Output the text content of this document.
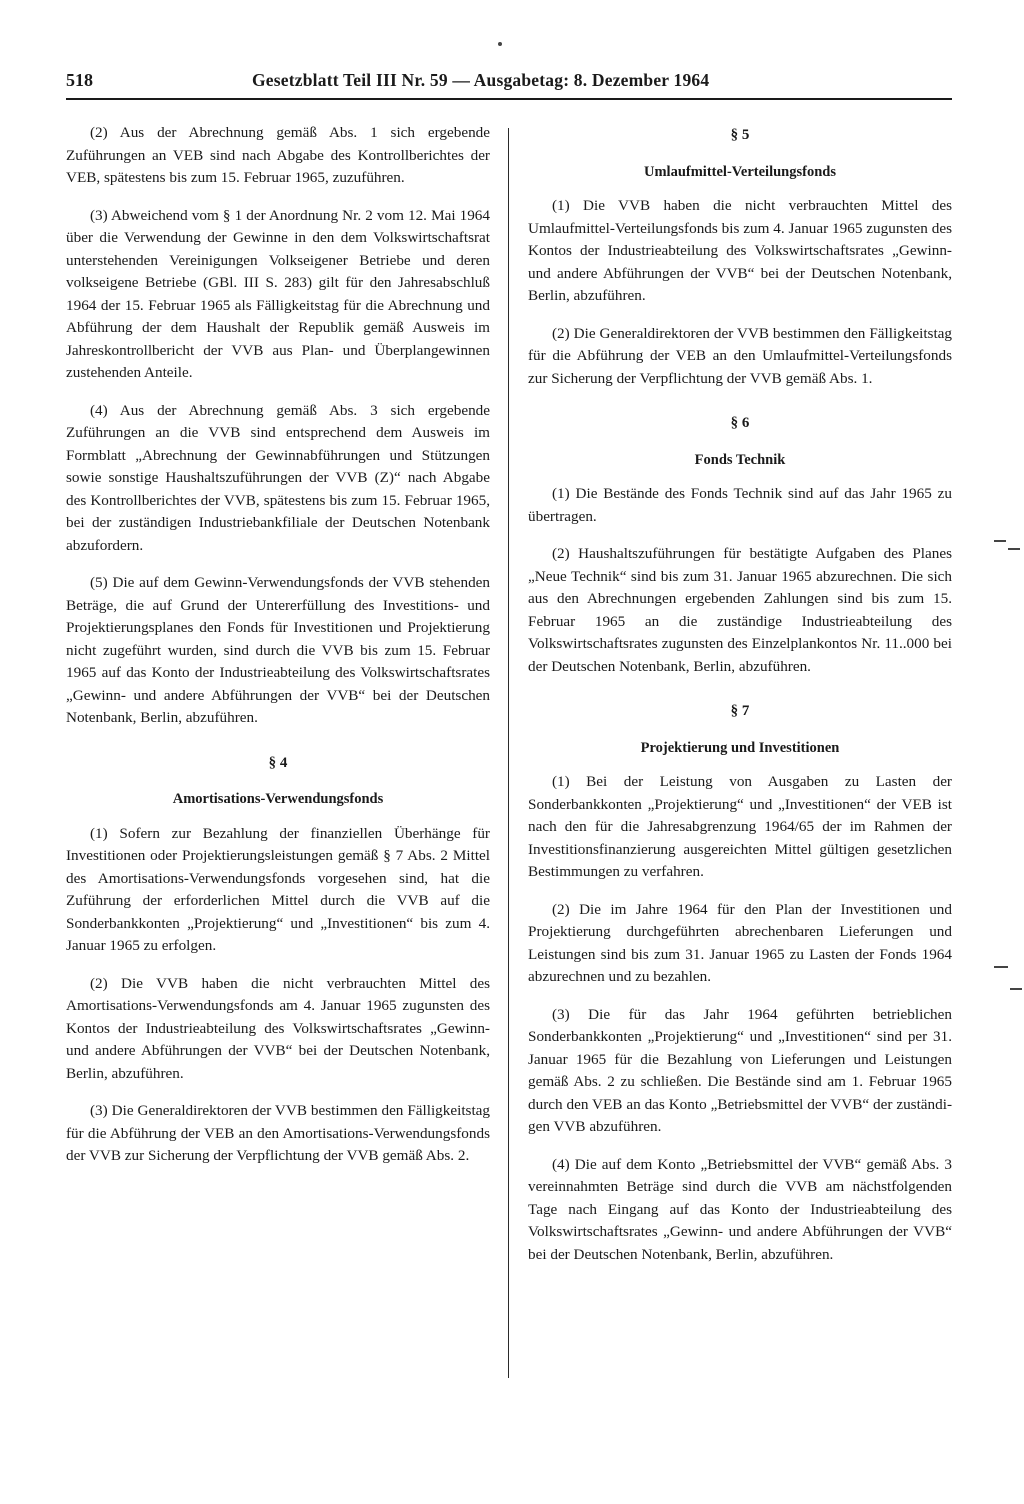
518	Gesetzblatt Teil III Nr. 59 — Ausgabetag: 8. Dezember 1964

(2) Aus der Abrechnung gemäß Abs. 1 sich ergebende Zuführungen an VEB sind nach Abgabe des Kontrollberichtes der VEB, spätestens bis zum 15. Februar 1965, zuzuführen.

(3) Abweichend vom § 1 der Anordnung Nr. 2 vom 12. Mai 1964 über die Verwendung der Gewinne in den dem Volkswirtschaftsrat unterstehenden Vereinigungen Volkseigener Betriebe und deren volkseigene Betriebe (GBl. III S. 283) gilt für den Jahresabschluß 1964 der 15. Februar 1965 als Fälligkeitstag für die Abrechnung und Abführung der dem Haushalt der Republik gemäß Ausweis im Jahreskontrollbericht der VVB aus Plan- und Überplangewinnen zustehenden Anteile.

(4) Aus der Abrechnung gemäß Abs. 3 sich ergebende Zuführungen an die VVB sind entsprechend dem Ausweis im Formblatt „Abrechnung der Gewinnabführungen und Stützungen sowie sonstige Haushaltszuführungen der VVB (Z)“ nach Abgabe des Kontrollberichtes der VVB, spätestens bis zum 15. Februar 1965, bei der zuständigen Industriebankfiliale der Deutschen Notenbank abzufordern.

(5) Die auf dem Gewinn-Verwendungsfonds der VVB stehenden Beträge, die auf Grund der Untererfüllung des Investitions- und Projektierungsplanes den Fonds für Investitionen und Projektierung nicht zugeführt wurden, sind durch die VVB bis zum 15. Februar 1965 auf das Konto der Industrieabteilung des Volkswirtschaftsrates „Gewinn- und andere Abführungen der VVB“ bei der Deutschen Notenbank, Berlin, abzuführen.

§ 4
Amortisations-Verwendungsfonds

(1) Sofern zur Bezahlung der finanziellen Überhänge für Investitionen oder Projektierungsleistungen gemäß § 7 Abs. 2 Mittel des Amortisations-Verwendungsfonds vorgesehen sind, hat die Zuführung der erforderlichen Mittel durch die VVB auf die Sonderbankkonten „Projektierung“ und „Investitionen“ bis zum 4. Januar 1965 zu erfolgen.

(2) Die VVB haben die nicht verbrauchten Mittel des Amortisations-Verwendungsfonds am 4. Januar 1965 zugunsten des Kontos der Industrieabteilung des Volkswirtschaftsrates „Gewinn- und andere Abführungen der VVB“ bei der Deutschen Notenbank, Berlin, abzuführen.

(3) Die Generaldirektoren der VVB bestimmen den Fälligkeitstag für die Abführung der VEB an den Amortisations-Verwendungsfonds der VVB zur Sicherung der Verpflichtung der VVB gemäß Abs. 2.

§ 5
Umlaufmittel-Verteilungsfonds

(1) Die VVB haben die nicht verbrauchten Mittel des Umlaufmittel-Verteilungsfonds bis zum 4. Januar 1965 zugunsten des Kontos der Industrieabteilung des Volkswirtschaftsrates „Gewinn- und andere Abführungen der VVB“ bei der Deutschen Notenbank, Berlin, abzuführen.

(2) Die Generaldirektoren der VVB bestimmen den Fälligkeitstag für die Abführung der VEB an den Umlaufmittel-Verteilungsfonds zur Sicherung der Verpflichtung der VVB gemäß Abs. 1.

§ 6
Fonds Technik

(1) Die Bestände des Fonds Technik sind auf das Jahr 1965 zu übertragen.

(2) Haushaltszuführungen für bestätigte Aufgaben des Planes „Neue Technik“ sind bis zum 31. Januar 1965 abzurechnen. Die sich aus den Abrechnungen ergebenden Zahlungen sind bis zum 15. Februar 1965 an die zuständige Industrieabteilung des Volkswirtschaftsrates zugunsten des Einzelplankontos Nr. 11..000 bei der Deutschen Notenbank, Berlin, abzuführen.

§ 7
Projektierung und Investitionen

(1) Bei der Leistung von Ausgaben zu Lasten der Sonderbankkonten „Projektierung“ und „Investitionen“ der VEB ist nach den für die Jahresabgrenzung 1964/65 der im Rahmen der Investitionsfinanzierung ausgereichten Mittel gültigen gesetzlichen Bestimmungen zu verfahren.

(2) Die im Jahre 1964 für den Plan der Investitionen und Projektierung durchgeführten abrechenbaren Lieferungen und Leistungen sind bis zum 31. Januar 1965 zu Lasten der Fonds 1964 abzurechnen und zu bezahlen.

(3) Die für das Jahr 1964 geführten betrieblichen Sonderbankkonten „Projektierung“ und „Investitionen“ sind per 31. Januar 1965 für die Bezahlung von Lieferungen und Leistungen gemäß Abs. 2 zu schließen. Die Bestände sind am 1. Februar 1965 durch den VEB an das Konto „Betriebsmittel der VVB“ der zuständigen VVB abzuführen.

(4) Die auf dem Konto „Betriebsmittel der VVB“ gemäß Abs. 3 vereinnahmten Beträge sind durch die VVB am nächstfolgenden Tage nach Eingang auf das Konto der Industrieabteilung des Volkswirtschaftsrates „Gewinn- und andere Abführungen der VVB“ bei der Deutschen Notenbank, Berlin, abzuführen.
